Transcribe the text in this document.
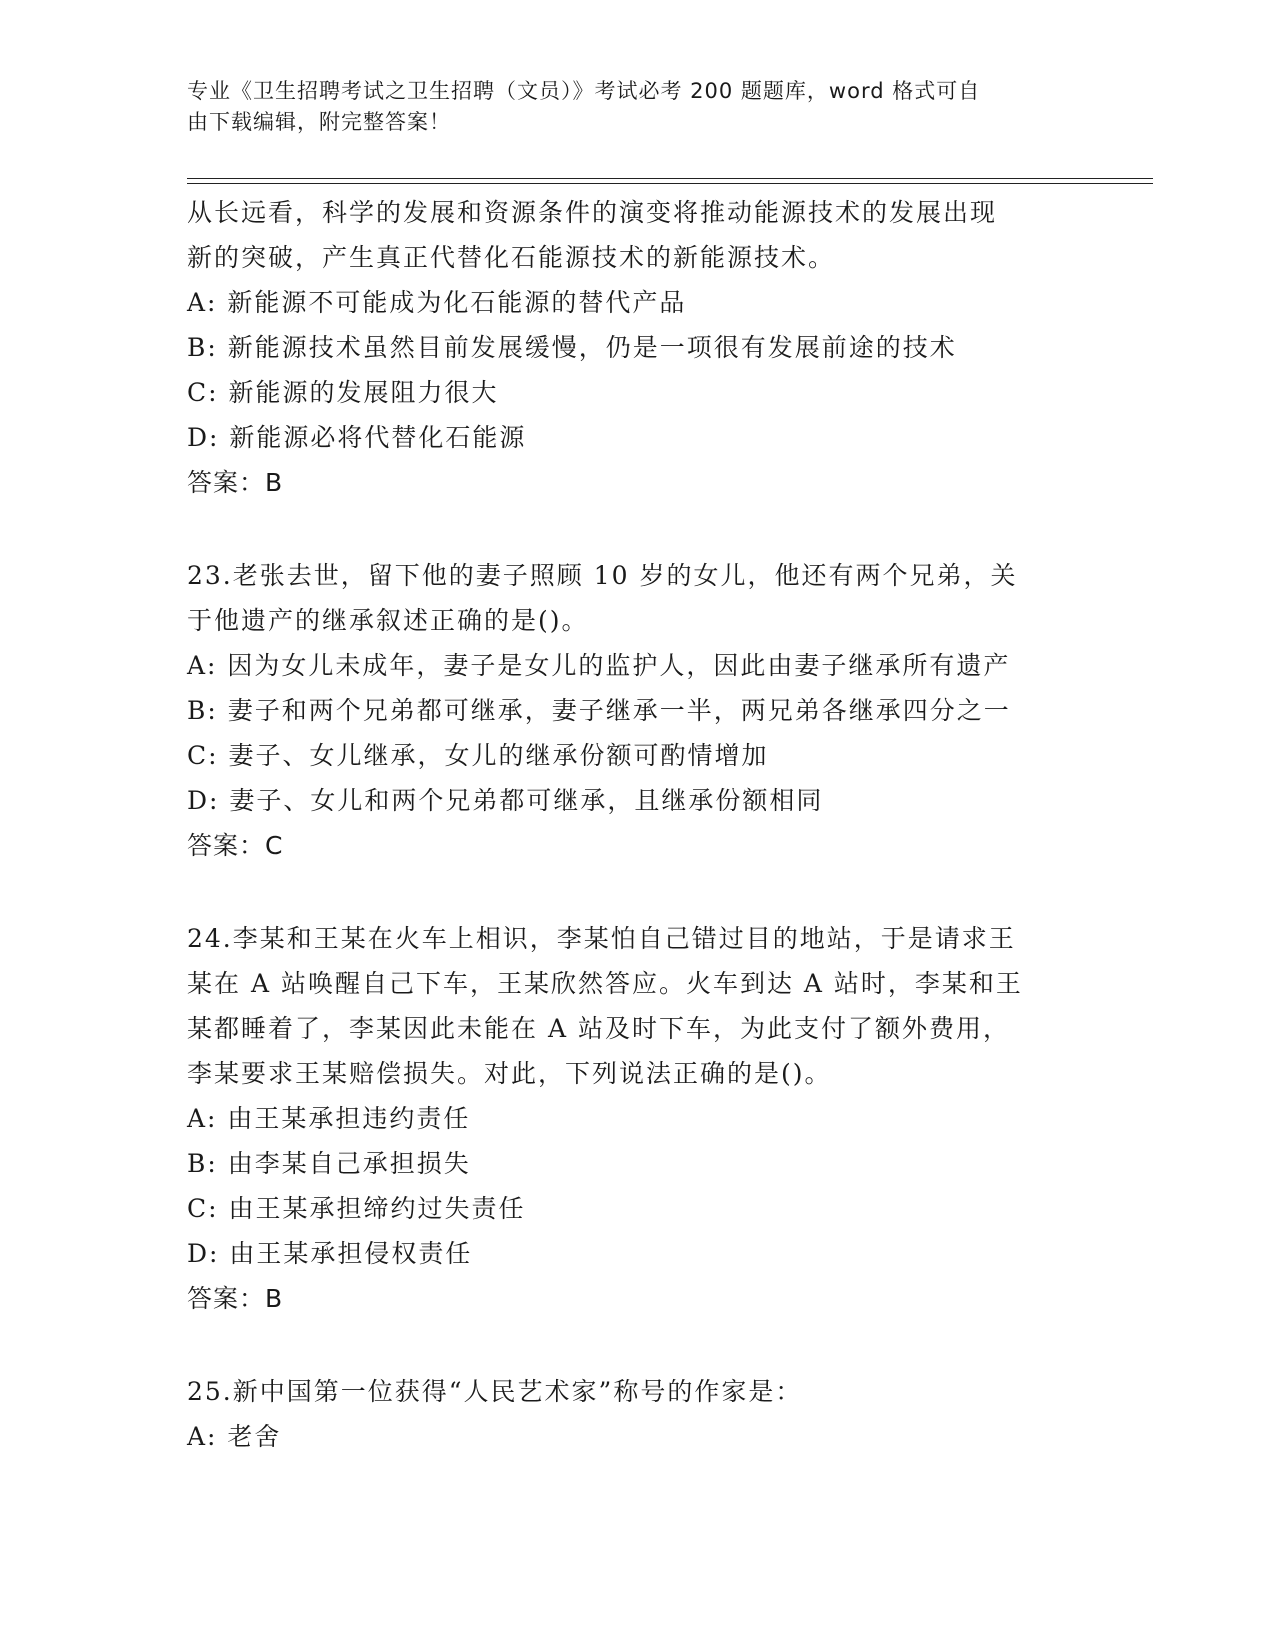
专业《卫生招聘考试之卫生招聘（文员）》考试必考 200 题题库，word 格式可自
由下载编辑，附完整答案！
从长远看，科学的发展和资源条件的演变将推动能源技术的发展出现
新的突破，产生真正代替化石能源技术的新能源技术。
A: 新能源不可能成为化石能源的替代产品
B: 新能源技术虽然目前发展缓慢，仍是一项很有发展前途的技术
C: 新能源的发展阻力很大
D: 新能源必将代替化石能源
答案：B
23.老张去世，留下他的妻子照顾 10 岁的女儿，他还有两个兄弟，关
于他遗产的继承叙述正确的是()。
A: 因为女儿未成年，妻子是女儿的监护人，因此由妻子继承所有遗产
B: 妻子和两个兄弟都可继承，妻子继承一半，两兄弟各继承四分之一
C: 妻子、女儿继承，女儿的继承份额可酌情增加
D: 妻子、女儿和两个兄弟都可继承，且继承份额相同
答案：C
24.李某和王某在火车上相识，李某怕自己错过目的地站，于是请求王
某在 A 站唤醒自己下车，王某欣然答应。火车到达 A 站时，李某和王
某都睡着了，李某因此未能在 A 站及时下车，为此支付了额外费用，
李某要求王某赔偿损失。对此，下列说法正确的是()。
A: 由王某承担违约责任
B: 由李某自己承担损失
C: 由王某承担缔约过失责任
D: 由王某承担侵权责任
答案：B
25.新中国第一位获得“人民艺术家”称号的作家是：
A: 老舍
